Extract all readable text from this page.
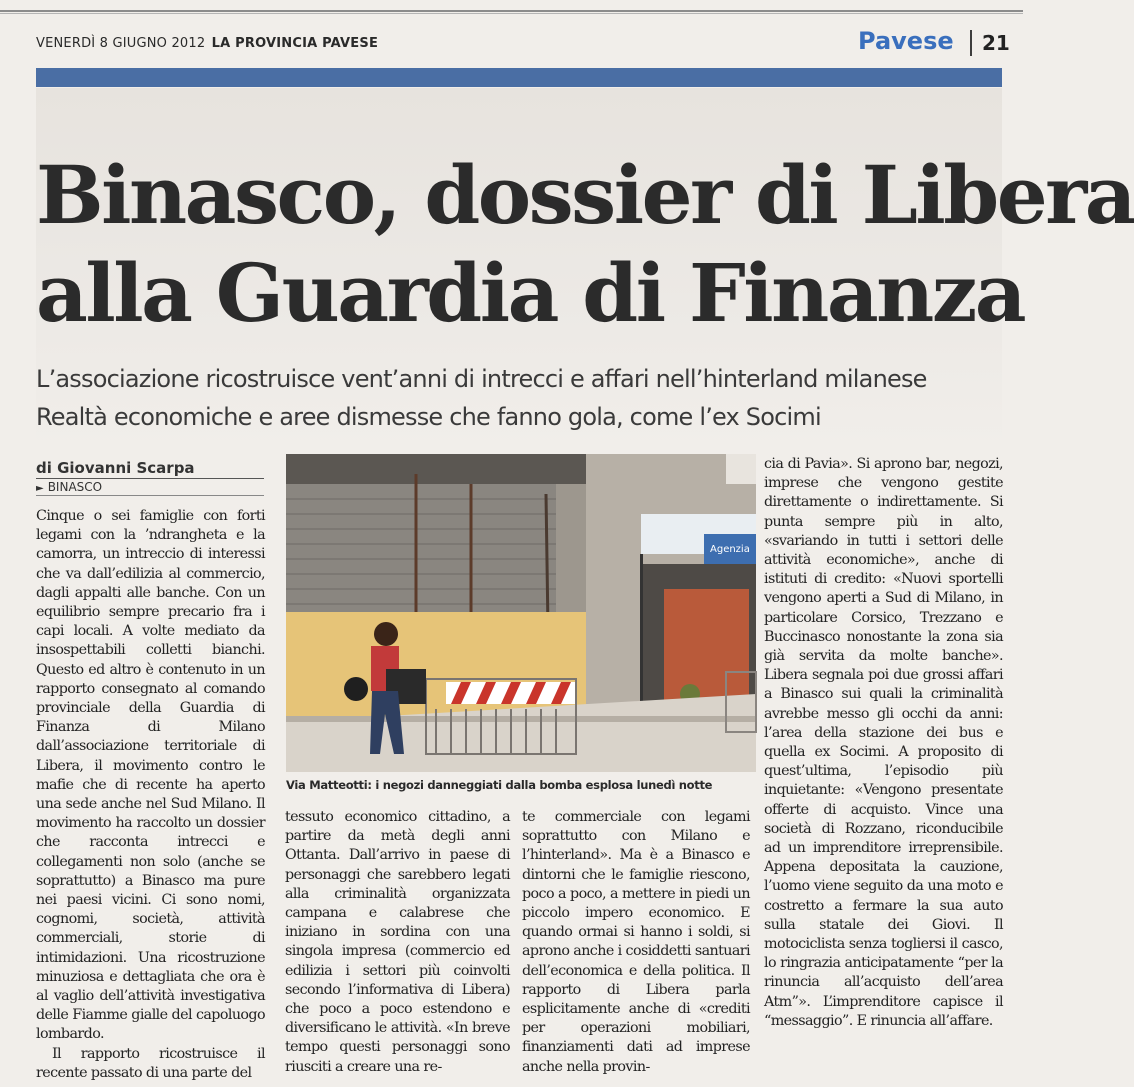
VENERDÌ 8 GIUGNO 2012 LA PROVINCIA PAVESE	Pavese 21
Binasco, dossier di Libera
alla Guardia di Finanza
L’associazione ricostruisce vent’anni di intrecci e affari nell’hinterland milanese
Realtà economiche e aree dismesse che fanno gola, come l’ex Socimi
di Giovanni Scarpa
► BINASCO

Cinque o sei famiglie con forti legami con la ’ndrangheta e la camorra, un intreccio di interessi che va dall’edilizia al commercio, dagli appalti alle banche. Con un equilibrio sempre precario fra i capi locali. A volte mediato da insospettabili colletti bianchi. Questo ed altro è contenuto in un rapporto consegnato al comando provinciale della Guardia di Finanza di Milano dall’associazione territoriale di Libera, il movimento contro le mafie che di recente ha aperto una sede anche nel Sud Milano. Il movimento ha raccolto un dossier che racconta intrecci e collegamenti non solo (anche se soprattutto) a Binasco ma pure nei paesi vicini. Ci sono nomi, cognomi, società, attività commerciali, storie di intimidazioni. Una ricostruzione minuziosa e dettagliata che ora è al vaglio dell’attività investigativa delle Fiamme gialle del capoluogo lombardo.

Il rapporto ricostruisce il recente passato di una parte del

Agenzia
Via Matteotti: i negozi danneggiati dalla bomba esplosa lunedì notte

tessuto economico cittadino, a partire da metà degli anni Ottanta. Dall’arrivo in paese di personaggi che sarebbero legati alla criminalità organizzata campana e calabrese che iniziano in sordina con una singola impresa (commercio ed edilizia i settori più coinvolti secondo l’informativa di Libera) che poco a poco estendono e diversificano le attività. «In breve tempo questi personaggi sono riusciti a creare una re-

te commerciale con legami soprattutto con Milano e l’hinterland». Ma è a Binasco e dintorni che le famiglie riescono, poco a poco, a mettere in piedi un piccolo impero economico. E quando ormai si hanno i soldi, si aprono anche i cosiddetti santuari dell’economica e della politica. Il rapporto di Libera parla esplicitamente anche di «crediti per operazioni mobiliari, finanziamenti dati ad imprese anche nella provin-

cia di Pavia». Si aprono bar, negozi, imprese che vengono gestite direttamente o indirettamente. Si punta sempre più in alto, «svariando in tutti i settori delle attività economiche», anche di istituti di credito: «Nuovi sportelli vengono aperti a Sud di Milano, in particolare Corsico, Trezzano e Buccinasco nonostante la zona sia già servita da molte banche». Libera segnala poi due grossi affari a Binasco sui quali la criminalità avrebbe messo gli occhi da anni: l’area della stazione dei bus e quella ex Socimi. A proposito di quest’ultima, l’episodio più inquietante: «Vengono presentate offerte di acquisto. Vince una società di Rozzano, riconducibile ad un imprenditore irreprensibile. Appena depositata la cauzione, l’uomo viene seguito da una moto e costretto a fermare la sua auto sulla statale dei Giovi. Il motociclista senza togliersi il casco, lo ringrazia anticipatamente “per la rinuncia all’acquisto dell’area Atm”». L’imprenditore capisce il “messaggio”. E rinuncia all’affare.
